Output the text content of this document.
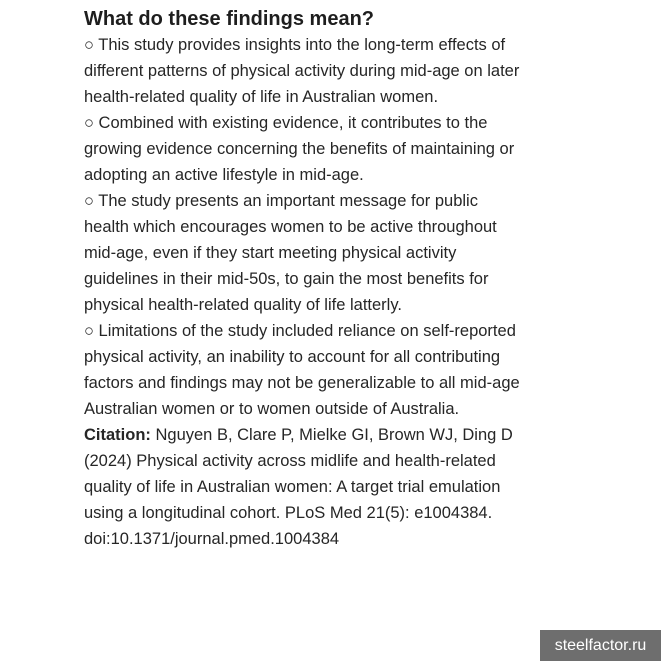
What do these findings mean?

○ This study provides insights into the long-term effects of different patterns of physical activity during mid-age on later health-related quality of life in Australian women.

○ Combined with existing evidence, it contributes to the growing evidence concerning the benefits of maintaining or adopting an active lifestyle in mid-age.

○ The study presents an important message for public health which encourages women to be active throughout mid-age, even if they start meeting physical activity guidelines in their mid-50s, to gain the most benefits for physical health-related quality of life latterly.

○ Limitations of the study included reliance on self-reported physical activity, an inability to account for all contributing factors and findings may not be generalizable to all mid-age Australian women or to women outside of Australia.

Citation: Nguyen B, Clare P, Mielke GI, Brown WJ, Ding D (2024) Physical activity across midlife and health-related quality of life in Australian women: A target trial emulation using a longitudinal cohort. PLoS Med 21(5): e1004384. doi:10.1371/journal.pmed.1004384

steelfactor.ru
